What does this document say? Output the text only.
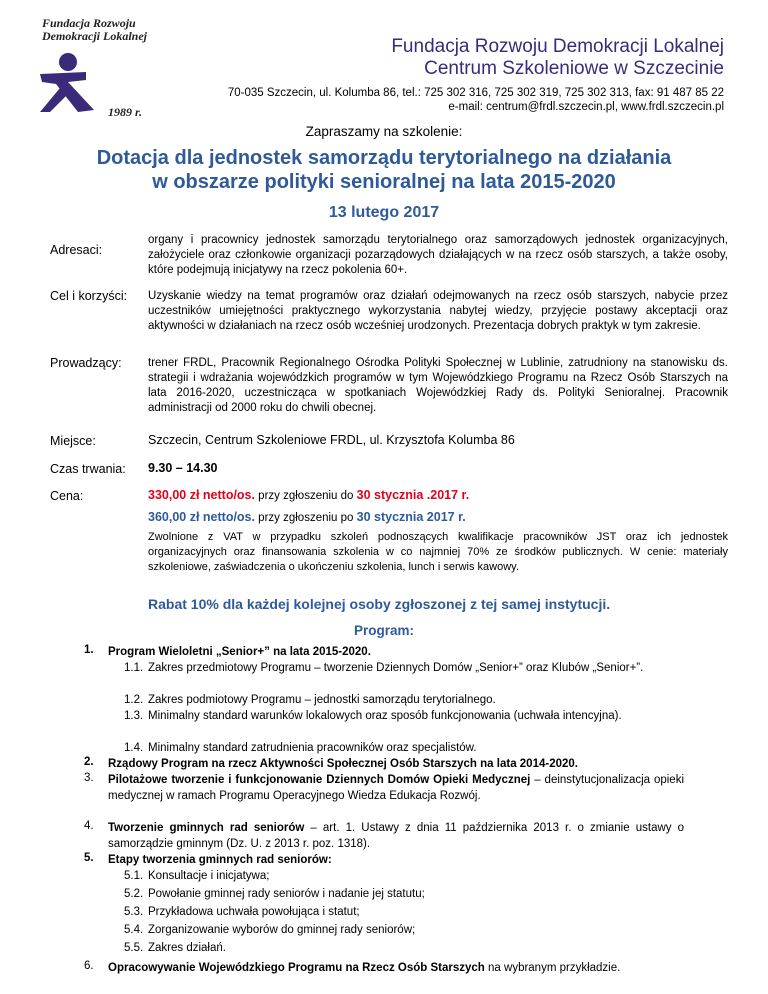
Fundacja Rozwoju
Demokracji Lokalnej
1989 r.
Fundacja Rozwoju Demokracji Lokalnej
Centrum Szkoleniowe w Szczecinie
70-035 Szczecin, ul. Kolumba 86, tel.: 725 302 316, 725 302 319, 725 302 313, fax: 91 487 85 22
e-mail: centrum@frdl.szczecin.pl, www.frdl.szczecin.pl
Zapraszamy na szkolenie:
Dotacja dla jednostek samorządu terytorialnego na działania
w obszarze polityki senioralnej na lata 2015-2020
13 lutego 2017
Adresaci:
organy i pracownicy jednostek samorządu terytorialnego oraz samorządowych jednostek organizacyjnych, założyciele oraz członkowie organizacji pozarządowych działających w na rzecz osób starszych, a także osoby, które podejmują inicjatywy na rzecz pokolenia 60+.
Cel i korzyści: Uzyskanie wiedzy na temat programów oraz działań odejmowanych na rzecz osób starszych, nabycie przez uczestników umiejętności praktycznego wykorzystania nabytej wiedzy, przyjęcie postawy akceptacji oraz aktywności w działaniach na rzecz osób wcześniej urodzonych. Prezentacja dobrych praktyk w tym zakresie.
Prowadzący: trener FRDL, Pracownik Regionalnego Ośrodka Polityki Społecznej w Lublinie, zatrudniony na stanowisku ds. strategii i wdrażania wojewódzkich programów w tym Wojewódzkiego Programu na Rzecz Osób Starszych na lata 2016-2020, uczestnicząca w spotkaniach Wojewódzkiej Rady ds. Polityki Senioralnej. Pracownik administracji od 2000 roku do chwili obecnej.
Miejsce:	Szczecin, Centrum Szkoleniowe FRDL, ul. Krzysztofa Kolumba 86
Czas trwania: 9.30 – 14.30
Cena:	330,00 zł netto/os. przy zgłoszeniu do 30 stycznia .2017 r.
360,00 zł netto/os. przy zgłoszeniu po 30 stycznia 2017 r.
Zwolnione z VAT w przypadku szkoleń podnoszących kwalifikacje pracowników JST oraz ich jednostek organizacyjnych oraz finansowania szkolenia w co najmniej 70% ze środków publicznych. W cenie: materiały szkoleniowe, zaświadczenia o ukończeniu szkolenia, lunch i serwis kawowy.
Rabat 10% dla każdej kolejnej osoby zgłoszonej z tej samej instytucji.
Program:
1. Program Wieloletni „Senior+” na lata 2015-2020.
1.1. Zakres przedmiotowy Programu – tworzenie Dziennych Domów „Senior+” oraz Klubów „Senior+”.
1.2. Zakres podmiotowy Programu – jednostki samorządu terytorialnego.
1.3. Minimalny standard warunków lokalowych oraz sposób funkcjonowania (uchwała intencyjna).
1.4. Minimalny standard zatrudnienia pracowników oraz specjalistów.
2. Rządowy Program na rzecz Aktywności Społecznej Osób Starszych na lata 2014-2020.
3. Pilotażowe tworzenie i funkcjonowanie Dziennych Domów Opieki Medycznej – deinstytucjonalizacja opieki medycznej w ramach Programu Operacyjnego Wiedza Edukacja Rozwój.
4. Tworzenie gminnych rad seniorów – art. 1. Ustawy z dnia 11 października 2013 r. o zmianie ustawy o samorządzie gminnym (Dz. U. z 2013 r. poz. 1318).
5. Etapy tworzenia gminnych rad seniorów:
5.1. Konsultacje i inicjatywa;
5.2. Powołanie gminnej rady seniorów i nadanie jej statutu;
5.3. Przykładowa uchwała powołująca i statut;
5.4. Zorganizowanie wyborów do gminnej rady seniorów;
5.5. Zakres działań.
6. Opracowywanie Wojewódzkiego Programu na Rzecz Osób Starszych na wybranym przykładzie.
